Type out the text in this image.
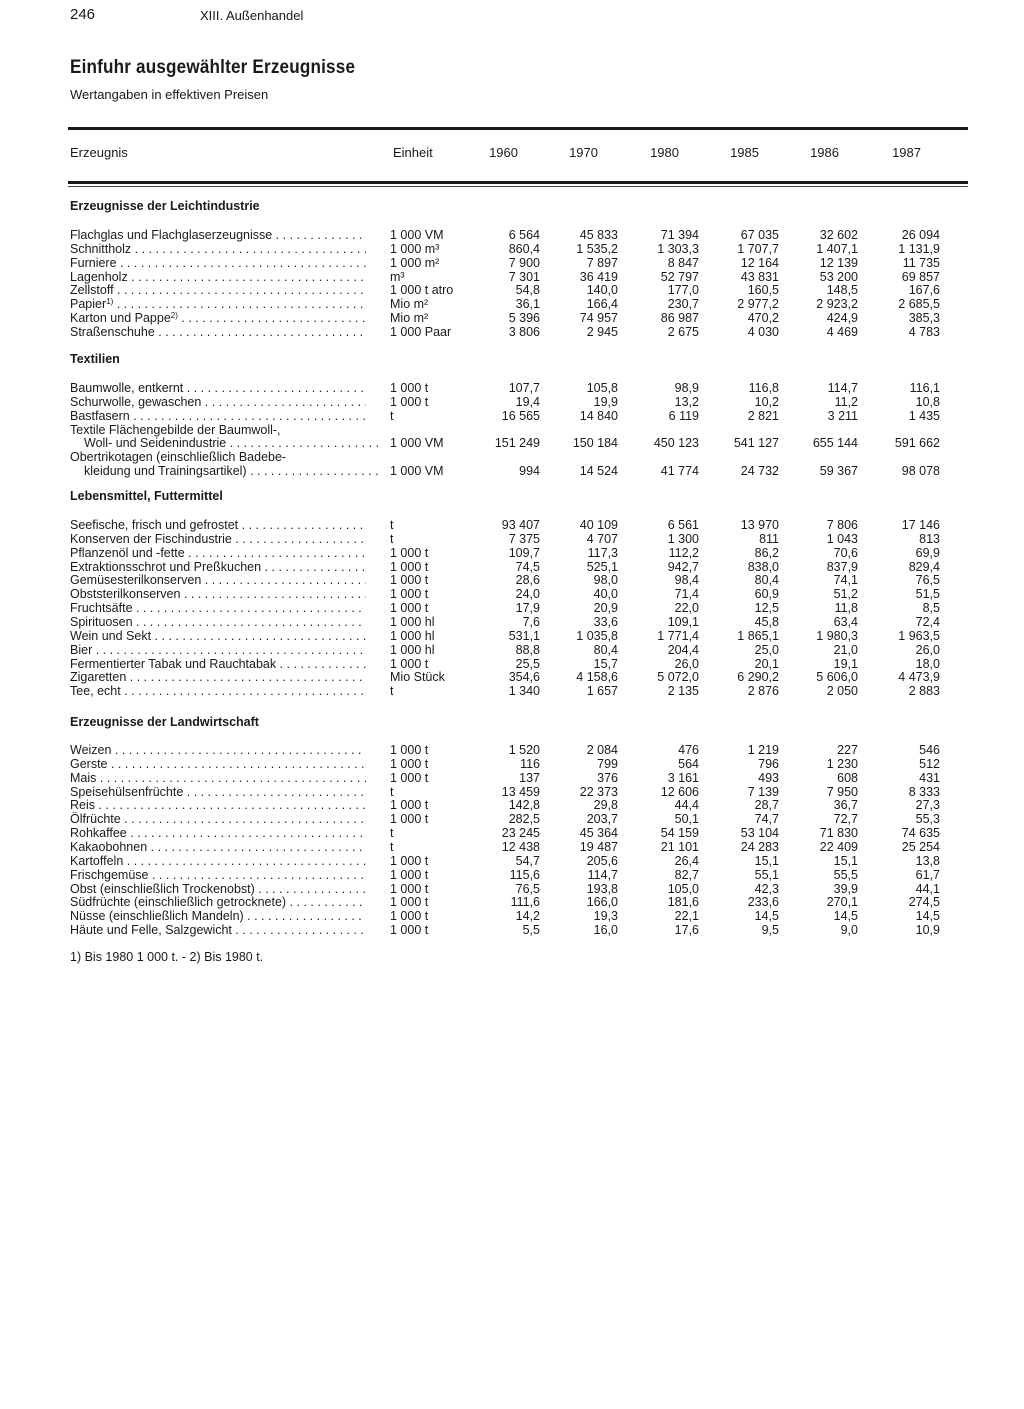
246	XIII. Außenhandel
Einfuhr ausgewählter Erzeugnisse
Wertangaben in effektiven Preisen
Erzeugnis	Einheit	1960	1970	1980	1985	1986	1987
Erzeugnisse der Leichtindustrie
Flachglas und Flachglaserzeugnisse . . .	1 000 VM	6 564	45 833	71 394	67 035	32 602	26 094
Schnittholz . . .	1 000 m³	860,4	1 535,2	1 303,3	1 707,7	1 407,1	1 131,9
Furniere . . .	1 000 m²	7 900	7 897	8 847	12 164	12 139	11 735
Lagenholz . . .	m³	7 301	36 419	52 797	43 831	53 200	69 857
Zellstoff . . .	1 000 t atro	54,8	140,0	177,0	160,5	148,5	167,6
Papier$^{1)}$ . . .	Mio m²	36,1	166,4	230,7	2 977,2	2 923,2	2 685,5
Karton und Pappe$^{2)}$ . . .	Mio m²	5 396	74 957	86 987	470,2	424,9	385,3
Straßenschuhe . . .	1 000 Paar	3 806	2 945	2 675	4 030	4 469	4 783
Textilien
Baumwolle, entkernt . . .	1 000 t	107,7	105,8	98,9	116,8	114,7	116,1
Schurwolle, gewaschen . . .	1 000 t	19,4	19,9	13,2	10,2	11,2	10,8
Bastfasern . . .	t	16 565	14 840	6 119	2 821	3 211	1 435
Textile Flächengebilde der Baumwoll-,
Woll- und Seidenindustrie . . .	1 000 VM	151 249	150 184	450 123	541 127	655 144	591 662
Obertrikotagen (einschließlich Badebe-
kleidung und Trainingsartikel) . . .	1 000 VM	994	14 524	41 774	24 732	59 367	98 078
Lebensmittel, Futtermittel
Seefische, frisch und gefrostet . . .	t	93 407	40 109	6 561	13 970	7 806	17 146
Konserven der Fischindustrie . . .	t	7 375	4 707	1 300	811	1 043	813
Pflanzenöl und -fette . . .	1 000 t	109,7	117,3	112,2	86,2	70,6	69,9
Extraktionsschrot und Preßkuchen . . .	1 000 t	74,5	525,1	942,7	838,0	837,9	829,4
Gemüsesterilkonserven . . .	1 000 t	28,6	98,0	98,4	80,4	74,1	76,5
Obststerilkonserven . . .	1 000 t	24,0	40,0	71,4	60,9	51,2	51,5
Fruchtsäfte . . .	1 000 t	17,9	20,9	22,0	12,5	11,8	8,5
Spirituosen . . .	1 000 hl	7,6	33,6	109,1	45,8	63,4	72,4
Wein und Sekt . . .	1 000 hl	531,1	1 035,8	1 771,4	1 865,1	1 980,3	1 963,5
Bier . . .	1 000 hl	88,8	80,4	204,4	25,0	21,0	26,0
Fermentierter Tabak und Rauchtabak . . .	1 000 t	25,5	15,7	26,0	20,1	19,1	18,0
Zigaretten . . .	Mio Stück	354,6	4 158,6	5 072,0	6 290,2	5 606,0	4 473,9
Tee, echt . . .	t	1 340	1 657	2 135	2 876	2 050	2 883
Erzeugnisse der Landwirtschaft
Weizen . . .	1 000 t	1 520	2 084	476	1 219	227	546
Gerste . . .	1 000 t	116	799	564	796	1 230	512
Mais . . .	1 000 t	137	376	3 161	493	608	431
Speisehülsenfrüchte . . .	t	13 459	22 373	12 606	7 139	7 950	8 333
Reis . . .	1 000 t	142,8	29,8	44,4	28,7	36,7	27,3
Ölfrüchte . . .	1 000 t	282,5	203,7	50,1	74,7	72,7	55,3
Rohkaffee . . .	t	23 245	45 364	54 159	53 104	71 830	74 635
Kakaobohnen . . .	t	12 438	19 487	21 101	24 283	22 409	25 254
Kartoffeln . . .	1 000 t	54,7	205,6	26,4	15,1	15,1	13,8
Frischgemüse . . .	1 000 t	115,6	114,7	82,7	55,1	55,5	61,7
Obst (einschließlich Trockenobst) . . .	1 000 t	76,5	193,8	105,0	42,3	39,9	44,1
Südfrüchte (einschließlich getrocknete) . . .	1 000 t	111,6	166,0	181,6	233,6	270,1	274,5
Nüsse (einschließlich Mandeln) . . .	1 000 t	14,2	19,3	22,1	14,5	14,5	14,5
Häute und Felle, Salzgewicht . . .	1 000 t	5,5	16,0	17,6	9,5	9,0	10,9
1) Bis 1980 1 000 t. - 2) Bis 1980 t.
